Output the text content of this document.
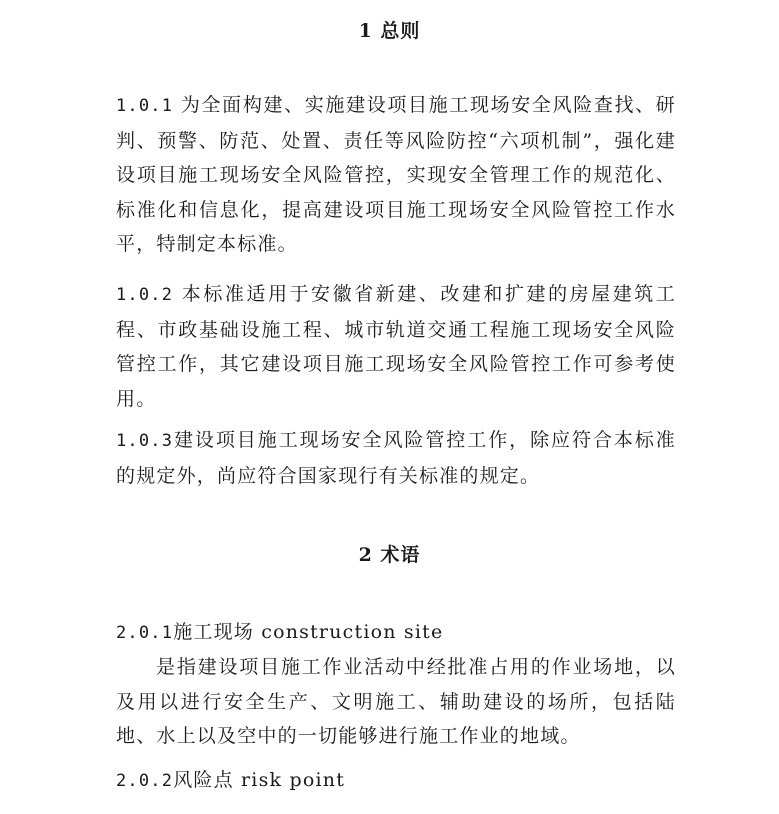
1 总则
1.0.1 为全面构建、实施建设项目施工现场安全风险查找、研判、预警、防范、处置、责任等风险防控“六项机制”，强化建设项目施工现场安全风险管控，实现安全管理工作的规范化、标准化和信息化，提高建设项目施工现场安全风险管控工作水平，特制定本标准。
1.0.2 本标准适用于安徽省新建、改建和扩建的房屋建筑工程、市政基础设施工程、城市轨道交通工程施工现场安全风险管控工作，其它建设项目施工现场安全风险管控工作可参考使用。
1.0.3建设项目施工现场安全风险管控工作，除应符合本标准的规定外，尚应符合国家现行有关标准的规定。
2 术语
2.0.1施工现场 construction site
是指建设项目施工作业活动中经批准占用的作业场地，以及用以进行安全生产、文明施工、辅助建设的场所，包括陆地、水上以及空中的一切能够进行施工作业的地域。
2.0.2风险点 risk point
